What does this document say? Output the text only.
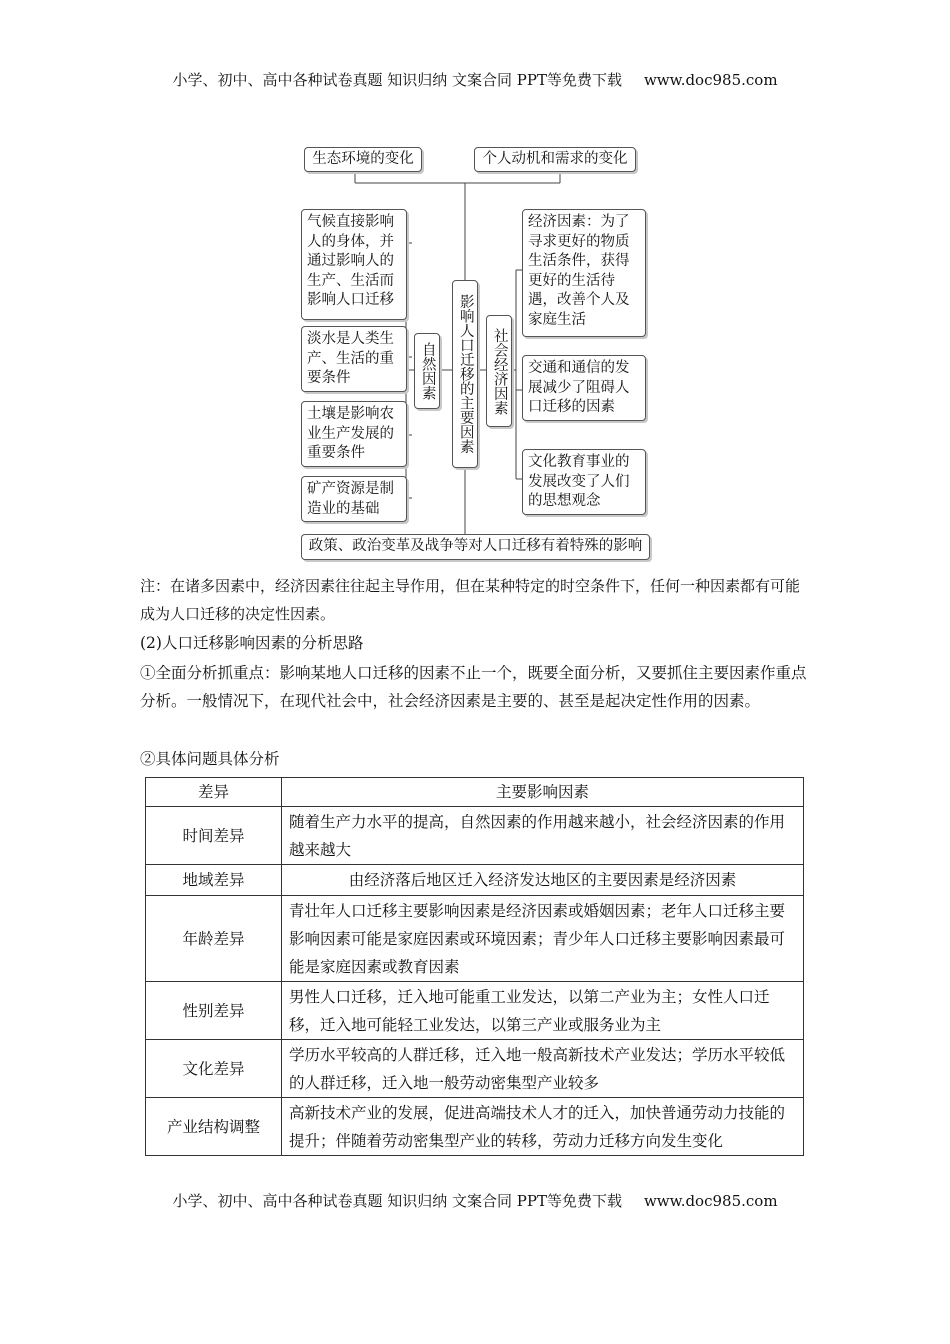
小学、初中、高中各种试卷真题 知识归纳 文案合同 PPT等免费下载 www.doc985.com
生态环境的变化	个人动机和需求的变化
气候直接影响人的身体，并通过影响人的生产、生活而影响人口迁移
淡水是人类生产、生活的重要条件
土壤是影响农业生产发展的重要条件
矿产资源是制造业的基础
自然因素	影响人口迁移的主要因素	社会经济因素
经济因素：为了寻求更好的物质生活条件，获得更好的生活待遇，改善个人及家庭生活
交通和通信的发展减少了阻碍人口迁移的因素
文化教育事业的发展改变了人们的思想观念
政策、政治变革及战争等对人口迁移有着特殊的影响
注：在诸多因素中，经济因素往往起主导作用，但在某种特定的时空条件下，任何一种因素都有可能成为人口迁移的决定性因素。
(2)人口迁移影响因素的分析思路
①全面分析抓重点：影响某地人口迁移的因素不止一个，既要全面分析，又要抓住主要因素作重点分析。一般情况下，在现代社会中，社会经济因素是主要的、甚至是起决定性作用的因素。
②具体问题具体分析
差异	主要影响因素
时间差异	随着生产力水平的提高，自然因素的作用越来越小，社会经济因素的作用越来越大
地域差异	由经济落后地区迁入经济发达地区的主要因素是经济因素
年龄差异	青壮年人口迁移主要影响因素是经济因素或婚姻因素；老年人口迁移主要影响因素可能是家庭因素或环境因素；青少年人口迁移主要影响因素最可能是家庭因素或教育因素
性别差异	男性人口迁移，迁入地可能重工业发达，以第二产业为主；女性人口迁移，迁入地可能轻工业发达，以第三产业或服务业为主
文化差异	学历水平较高的人群迁移，迁入地一般高新技术产业发达；学历水平较低的人群迁移，迁入地一般劳动密集型产业较多
产业结构调整	高新技术产业的发展，促进高端技术人才的迁入，加快普通劳动力技能的提升；伴随着劳动密集型产业的转移，劳动力迁移方向发生变化
小学、初中、高中各种试卷真题 知识归纳 文案合同 PPT等免费下载 www.doc985.com
